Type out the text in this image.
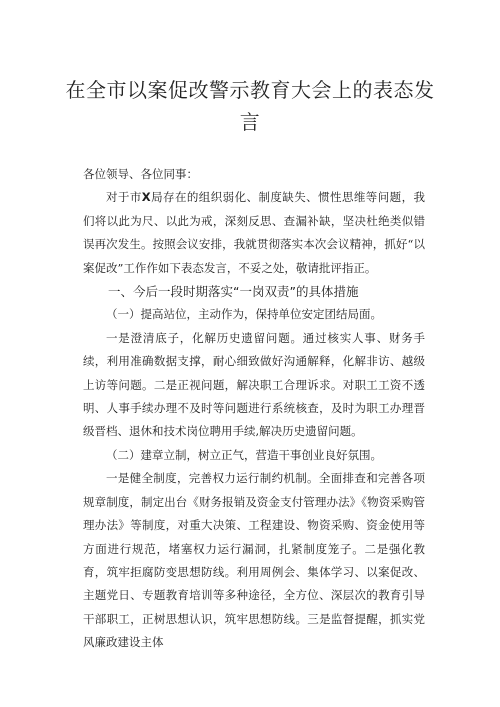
在全市以案促改警示教育大会上的表态发言

各位领导、各位同事：

对于市X局存在的组织弱化、制度缺失、惯性思维等问题，我们将以此为尺、以此为戒，深刻反思、查漏补缺，坚决杜绝类似错误再次发生。按照会议安排，我就贯彻落实本次会议精神，抓好“以案促改”工作作如下表态发言，不妥之处，敬请批评指正。

一、今后一段时期落实“一岗双责”的具体措施

（一）提高站位，主动作为，保持单位安定团结局面。

一是澄清底子，化解历史遗留问题。通过核实人事、财务手续，利用准确数据支撑，耐心细致做好沟通解释，化解非访、越级上访等问题。二是正视问题，解决职工合理诉求。对职工工资不透明、人事手续办理不及时等问题进行系统核查，及时为职工办理晋级晋档、退休和技术岗位聘用手续,解决历史遗留问题。

（二）建章立制，树立正气，营造干事创业良好氛围。

一是健全制度，完善权力运行制约机制。全面排查和完善各项规章制度，制定出台《财务报销及资金支付管理办法》《物资采购管理办法》等制度，对重大决策、工程建设、物资采购、资金使用等方面进行规范，堵塞权力运行漏洞，扎紧制度笼子。二是强化教育，筑牢拒腐防变思想防线。利用周例会、集体学习、以案促改、主题党日、专题教育培训等多种途径，全方位、深层次的教育引导干部职工，正树思想认识，筑牢思想防线。三是监督提醒，抓实党风廉政建设主体
